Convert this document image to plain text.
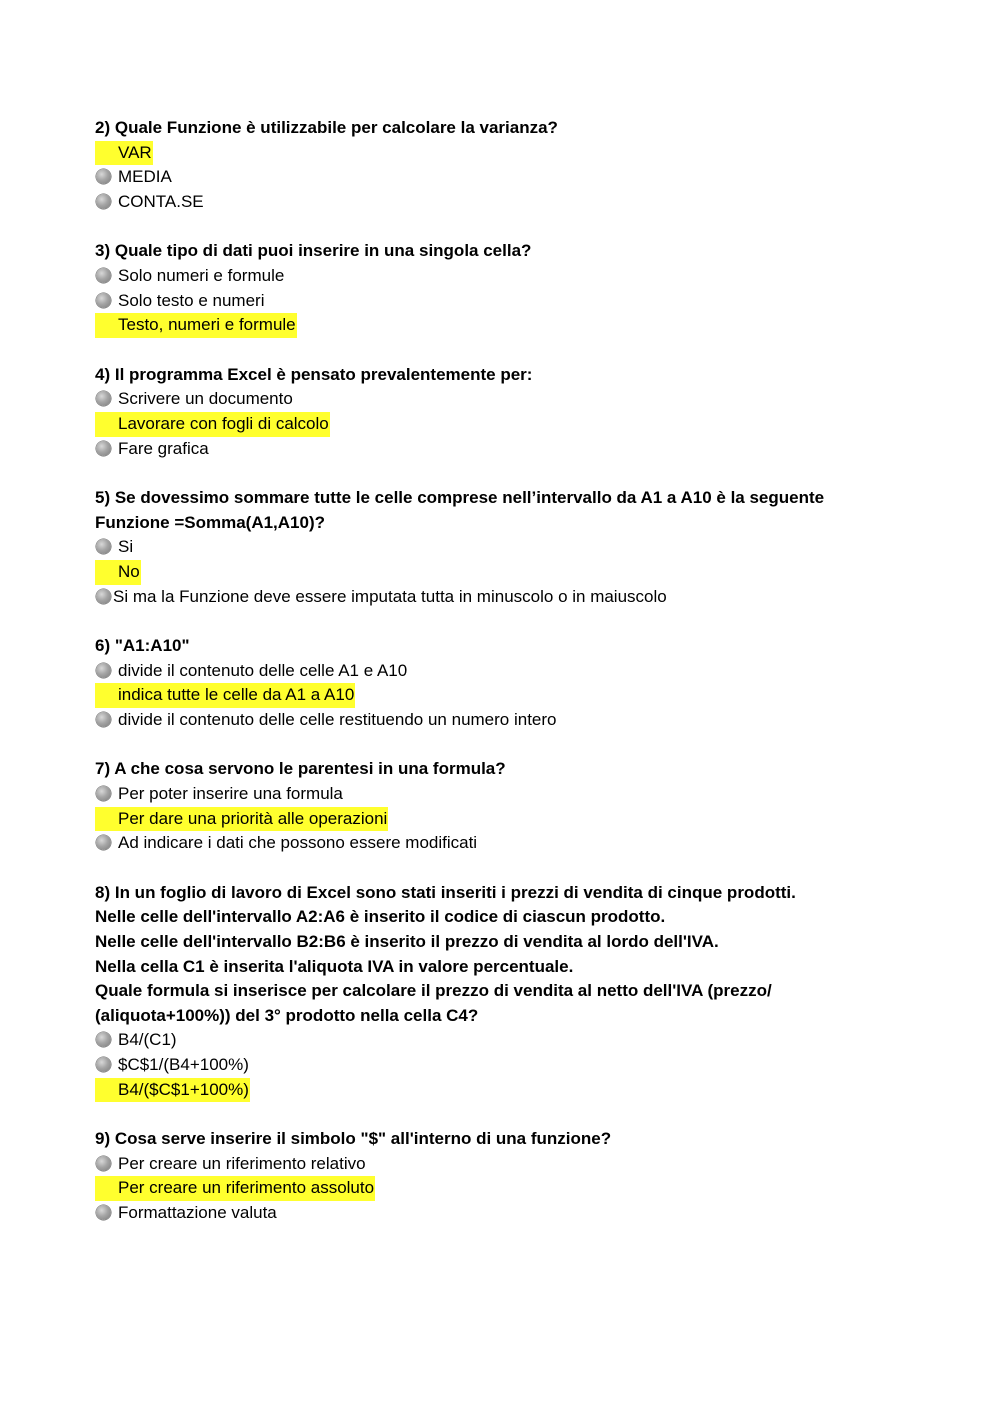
2) Quale Funzione è utilizzabile per calcolare la varianza?
VAR
MEDIA
CONTA.SE
3) Quale tipo di dati puoi inserire in una singola cella?
Solo numeri e formule
Solo testo e numeri
Testo, numeri e formule
4) Il programma Excel è pensato prevalentemente per:
Scrivere un documento
Lavorare con fogli di calcolo
Fare grafica
5) Se dovessimo sommare tutte le celle comprese nell’intervallo da A1 a A10 è la seguente
Funzione =Somma(A1,A10)?
Si
No
Si ma la Funzione deve essere imputata tutta in minuscolo o in maiuscolo
6) "A1:A10"
divide il contenuto delle celle A1 e A10
indica tutte le celle da A1 a A10
divide il contenuto delle celle restituendo un numero intero
7) A che cosa servono le parentesi in una formula?
Per poter inserire una formula
Per dare una priorità alle operazioni
Ad indicare i dati che possono essere modificati
8) In un foglio di lavoro di Excel sono stati inseriti i prezzi di vendita di cinque prodotti.
Nelle celle dell'intervallo A2:A6 è inserito il codice di ciascun prodotto.
Nelle celle dell'intervallo B2:B6 è inserito il prezzo di vendita al lordo dell'IVA.
Nella cella C1 è inserita l'aliquota IVA in valore percentuale.
Quale formula si inserisce per calcolare il prezzo di vendita al netto dell'IVA (prezzo/
(aliquota+100%)) del 3° prodotto nella cella C4?
B4/(C1)
$C$1/(B4+100%)
B4/($C$1+100%)
9) Cosa serve inserire il simbolo "$" all'interno di una funzione?
Per creare un riferimento relativo
Per creare un riferimento assoluto
Formattazione valuta
